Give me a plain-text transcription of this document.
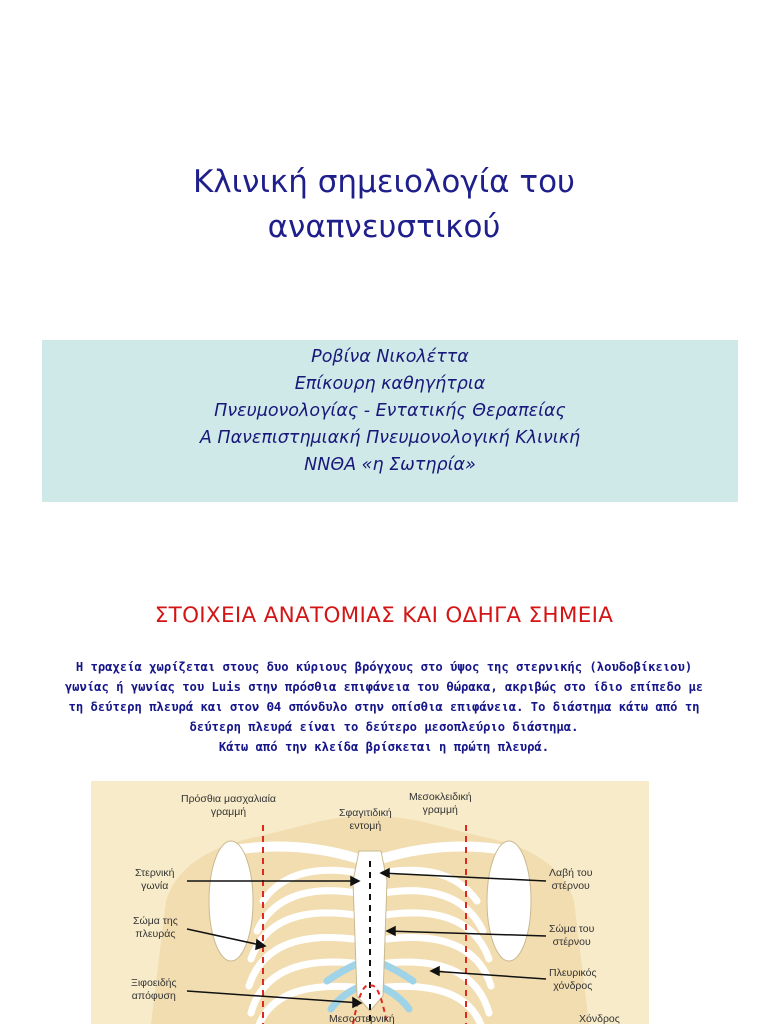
Κλινική σημειολογία του
αναπνευστικού
Ροβίνα Νικολέττα
Επίκουρη καθηγήτρια
Πνευμονολογίας - Εντατικής Θεραπείας
Α Πανεπιστημιακή Πνευμονολογική Κλινική
ΝΝΘΑ «η Σωτηρία»
ΣΤΟΙΧΕΙΑ ΑΝΑΤΟΜΙΑΣ ΚΑΙ ΟΔΗΓΑ ΣΗΜΕΙΑ
Η τραχεία χωρίζεται στους δυο κύριους βρόγχους στο ύψος της στερνικής (λουδοβίκειου)
γωνίας ή γωνίας του Luis στην πρόσθια επιφάνεια του θώρακα, ακριβώς στο ίδιο επίπεδο με
τη δεύτερη πλευρά και στον Θ4 σπόνδυλο στην οπίσθια επιφάνεια. Το διάστημα κάτω από τη
δεύτερη πλευρά είναι το δεύτερο μεσοπλεύριο διάστημα.
Κάτω από την κλείδα βρίσκεται η πρώτη πλευρά.
Πρόσθια μασχαλιαία
γραμμή
Μεσοκλειδική
γραμμή
Σφαγιτιδική
εντομή
Στερνική
γωνία
Σώμα της
πλευράς
Ξιφοειδής
απόφυση
Λαβή του
στέρνου
Σώμα του
στέρνου
Πλευρικός
χόνδρος
Μεσοστερνική	Χόνδρος
